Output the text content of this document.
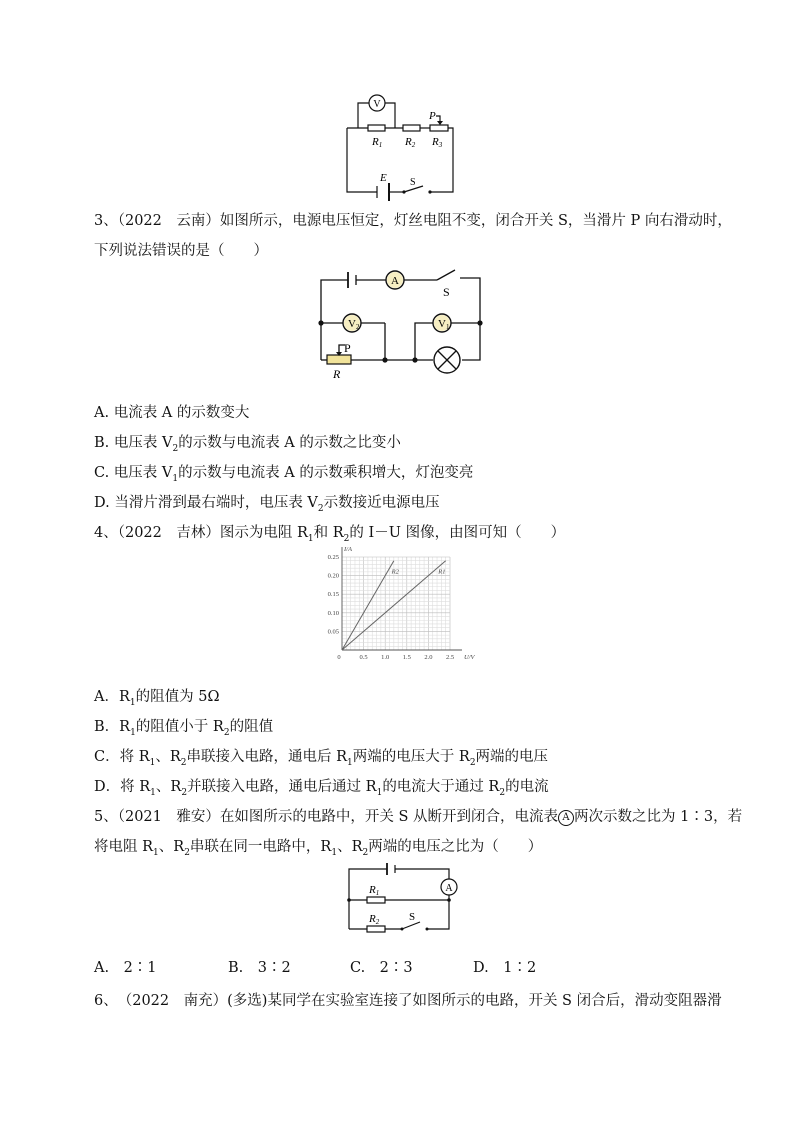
V
R1 R2 R3
P
E S
3、（2022　云南）如图所示，电源电压恒定，灯丝电阻不变，闭合开关 S，当滑片 P 向右滑动时，
下列说法错误的是（　　）
A
V2	V1
S
P
R
A. 电流表 A 的示数变大
B. 电压表 $V_2$的示数与电流表 A 的示数之比变小
C. 电压表 $V_1$的示数与电流表 A 的示数乘积增大，灯泡变亮
D. 当滑片滑到最右端时，电压表 $V_2$示数接近电源电压
4、（2022　吉林）图示为电阻 $R_1$和 $R_2$的 I－U 图像，由图可知（　　）
0	0.5 1.0 1.5 2.0 2.5
0.05
0.10
0.15
0.20
0.25
U/V
I/A
R2	R1
A．$R_1$的阻值为 5Ω
B．$R_1$的阻值小于 $R_2$的阻值
C．将 $R_1$、$R_2$串联接入电路，通电后 $R_1$两端的电压大于 $R_2$两端的电压
D．将 $R_1$、$R_2$并联接入电路，通电后通过 $R_1$的电流大于通过 $R_2$的电流
5、（2021　雅安）在如图所示的电路中，开关 S 从断开到闭合，电流表 A 两次示数之比为 1∶3，若
将电阻 $R_1$、$R_2$串联在同一电路中，$R_1$、$R_2$两端的电压之比为（　　）
A
R1
R2	S
A.　2∶1	B.　3∶2	C.　2∶3	D.　1∶2
6、　（2022　南充）(多选)某同学在实验室连接了如图所示的电路，开关 S 闭合后，滑动变阻器滑
